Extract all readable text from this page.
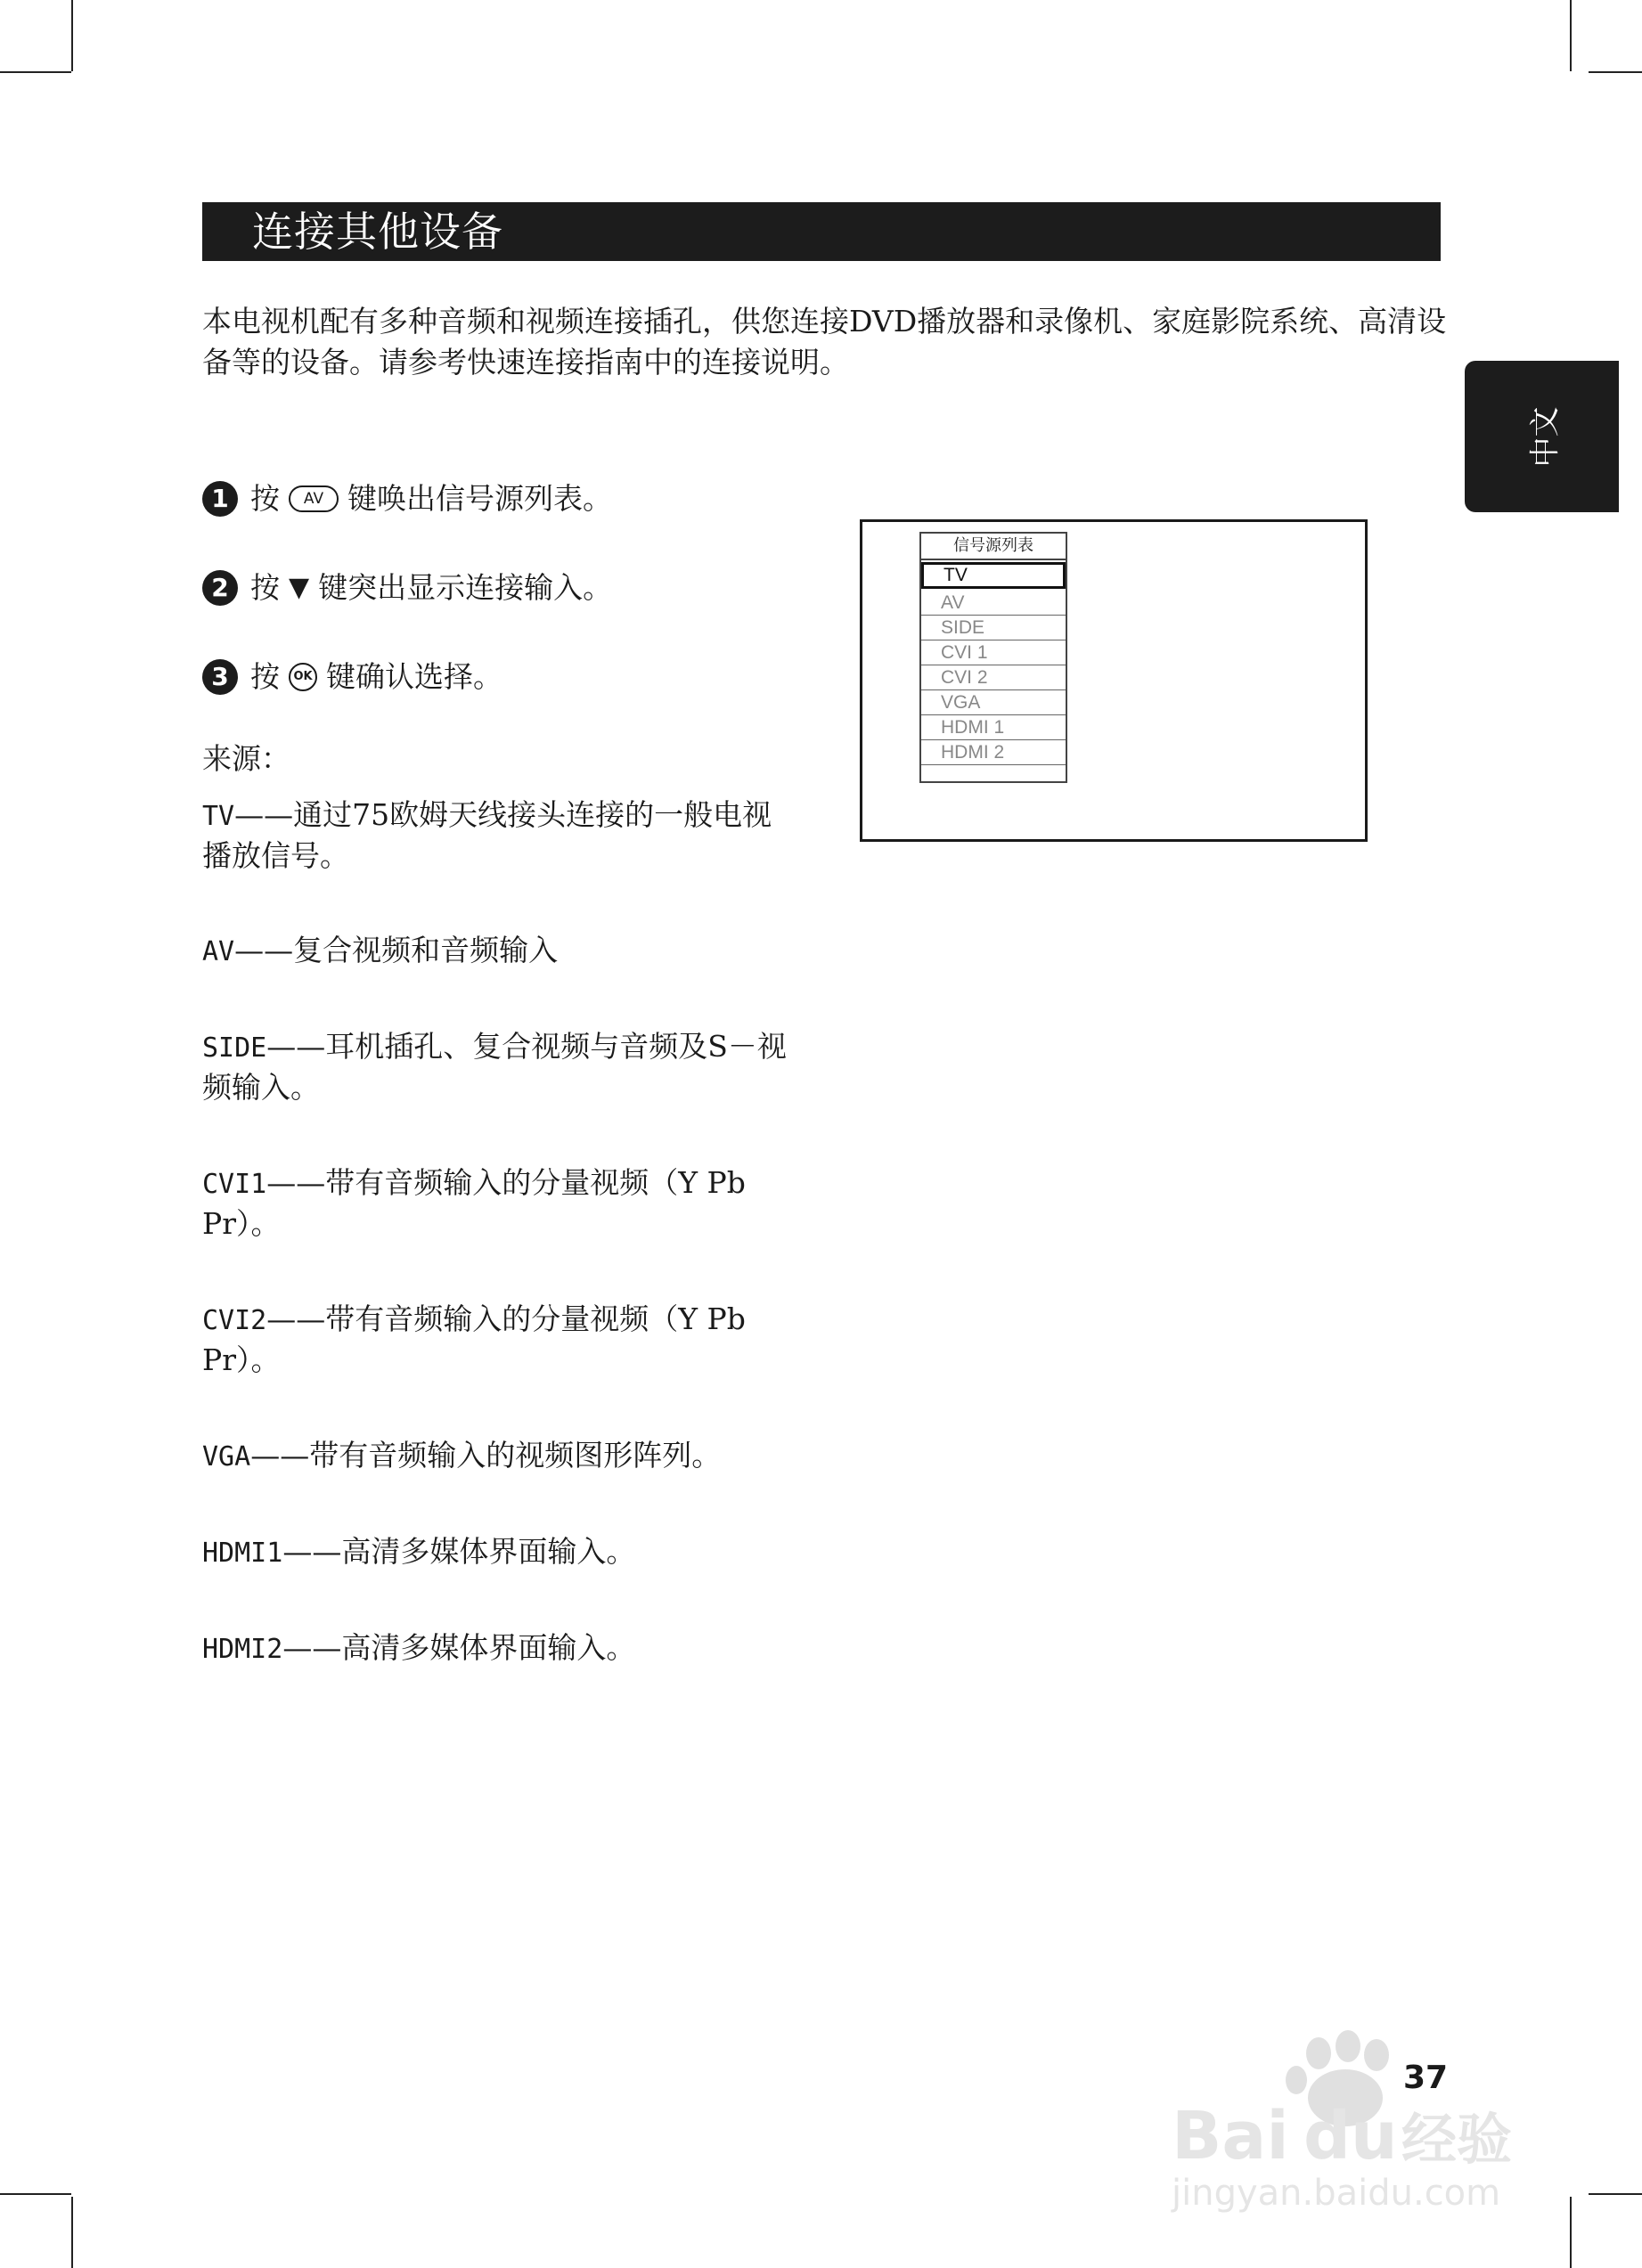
连接其他设备
本电视机配有多种音频和视频连接插孔，供您连接DVD播放器和录像机、家庭影院系统、高清设备等的设备。请参考快速连接指南中的连接说明。
中文
1 按	AV 键唤出信号源列表。
2 按 ▼ 键突出显示连接输入。
3 按	OK 键确认选择。
来源：
TV——通过75欧姆天线接头连接的一般电视播放信号。
AV——复合视频和音频输入
SIDE——耳机插孔、复合视频与音频及S－视频输入。
CVI1——带有音频输入的分量视频（Y Pb Pr）。
CVI2——带有音频输入的分量视频（Y Pb Pr）。
VGA——带有音频输入的视频图形阵列。
HDMI1——高清多媒体界面输入。
HDMI2——高清多媒体界面输入。
信号源列表
TV
AV
SIDE
CVI 1
CVI 2
VGA
HDMI 1
HDMI 2
37
Bai du 经验
jingyan.baidu.com
